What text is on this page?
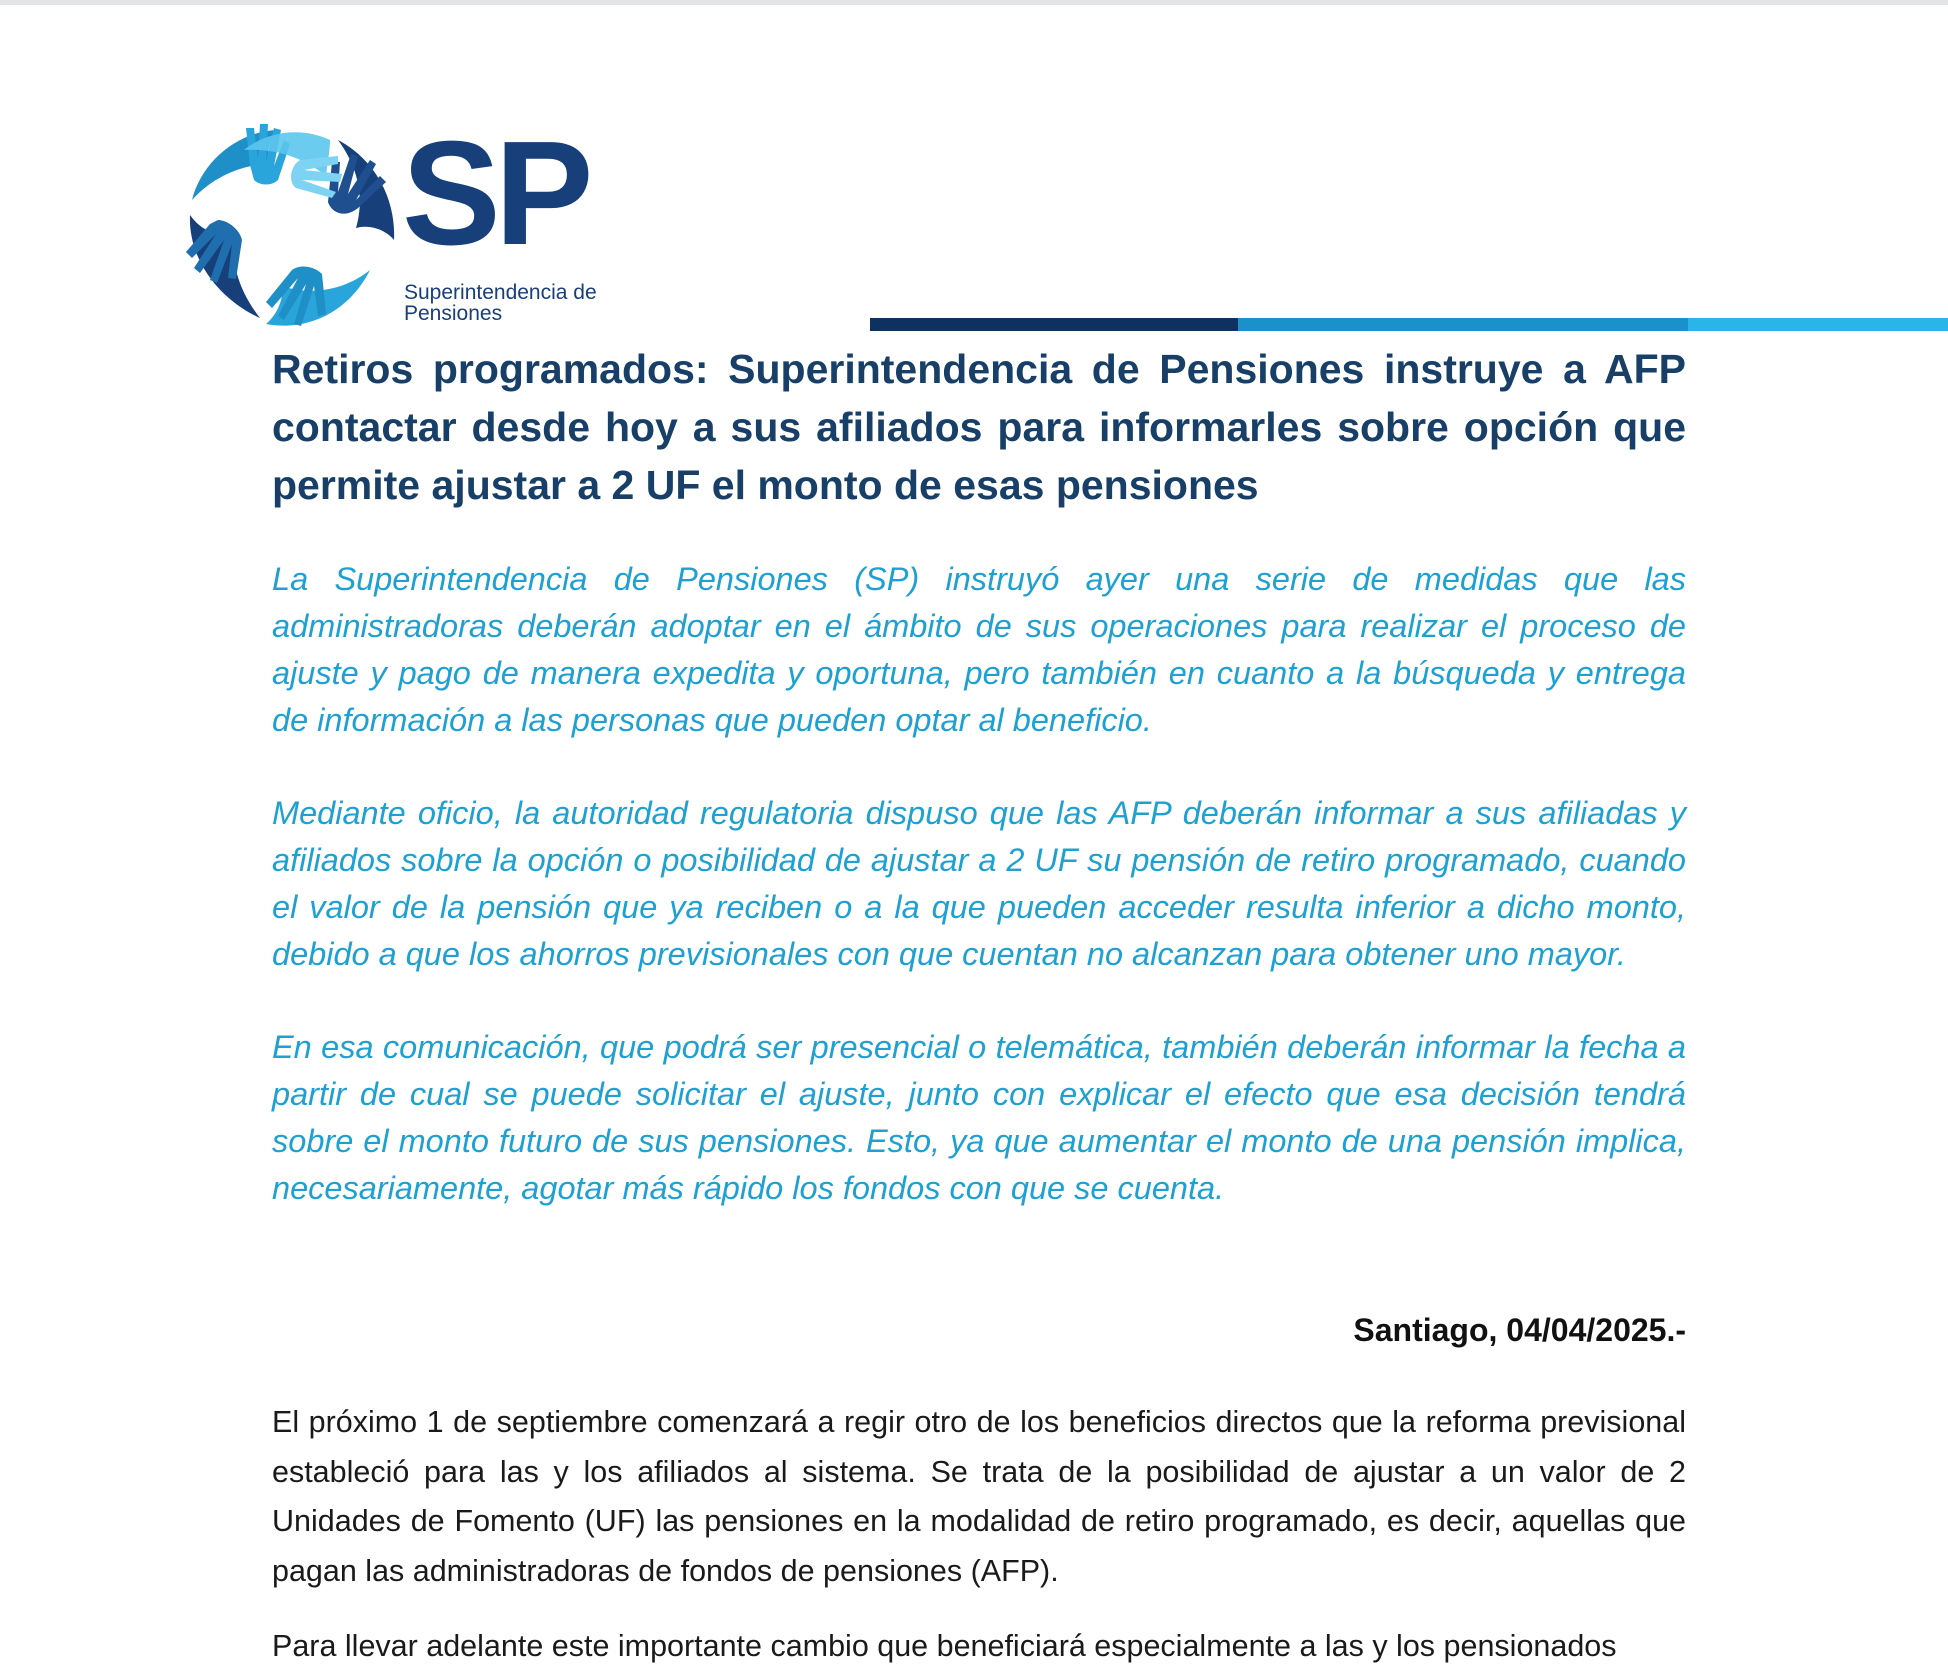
SP
Superintendencia de
Pensiones
Retiros programados: Superintendencia de Pensiones instruye a AFP contactar desde hoy a sus afiliados para informarles sobre opción que permite ajustar a 2 UF el monto de esas pensiones

La Superintendencia de Pensiones (SP) instruyó ayer una serie de medidas que las administradoras deberán adoptar en el ámbito de sus operaciones para realizar el proceso de ajuste y pago de manera expedita y oportuna, pero también en cuanto a la búsqueda y entrega de información a las personas que pueden optar al beneficio.

Mediante oficio, la autoridad regulatoria dispuso que las AFP deberán informar a sus afiliadas y afiliados sobre la opción o posibilidad de ajustar a 2 UF su pensión de retiro programado, cuando el valor de la pensión que ya reciben o a la que pueden acceder resulta inferior a dicho monto, debido a que los ahorros previsionales con que cuentan no alcanzan para obtener uno mayor.

En esa comunicación, que podrá ser presencial o telemática, también deberán informar la fecha a partir de cual se puede solicitar el ajuste, junto con explicar el efecto que esa decisión tendrá sobre el monto futuro de sus pensiones. Esto, ya que aumentar el monto de una pensión implica, necesariamente, agotar más rápido los fondos con que se cuenta.

Santiago, 04/04/2025.-

El próximo 1 de septiembre comenzará a regir otro de los beneficios directos que la reforma previsional estableció para las y los afiliados al sistema. Se trata de la posibilidad de ajustar a un valor de 2 Unidades de Fomento (UF) las pensiones en la modalidad de retiro programado, es decir, aquellas que pagan las administradoras de fondos de pensiones (AFP).

Para llevar adelante este importante cambio que beneficiará especialmente a las y los pensionados
